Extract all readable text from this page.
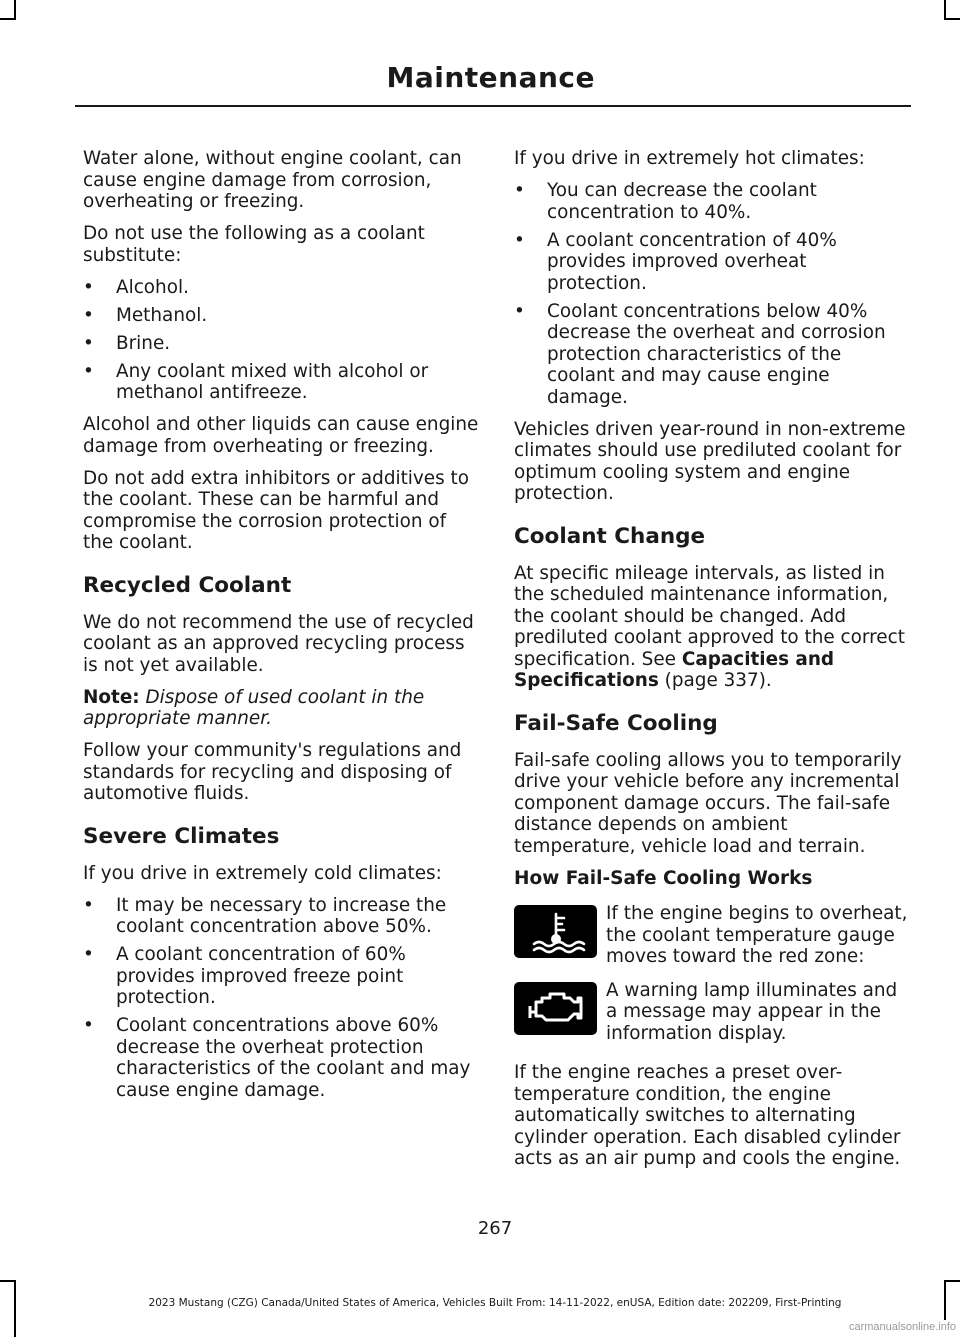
Maintenance

Water alone, without engine coolant, can cause engine damage from corrosion, overheating or freezing.

Do not use the following as a coolant substitute:

• Alcohol.
• Methanol.
• Brine.
• Any coolant mixed with alcohol or methanol antifreeze.

Alcohol and other liquids can cause engine damage from overheating or freezing.

Do not add extra inhibitors or additives to the coolant. These can be harmful and compromise the corrosion protection of the coolant.

Recycled Coolant

We do not recommend the use of recycled coolant as an approved recycling process is not yet available.

Note: Dispose of used coolant in the appropriate manner.

Follow your community's regulations and standards for recycling and disposing of automotive fluids.

Severe Climates

If you drive in extremely cold climates:

• It may be necessary to increase the coolant concentration above 50%.
• A coolant concentration of 60% provides improved freeze point protection.
• Coolant concentrations above 60% decrease the overheat protection characteristics of the coolant and may cause engine damage.

If you drive in extremely hot climates:

• You can decrease the coolant concentration to 40%.
• A coolant concentration of 40% provides improved overheat protection.
• Coolant concentrations below 40% decrease the overheat and corrosion protection characteristics of the coolant and may cause engine damage.

Vehicles driven year-round in non-extreme climates should use prediluted coolant for optimum cooling system and engine protection.

Coolant Change

At specific mileage intervals, as listed in the scheduled maintenance information, the coolant should be changed. Add prediluted coolant approved to the correct specification. See Capacities and Specifications (page 337).

Fail-Safe Cooling

Fail-safe cooling allows you to temporarily drive your vehicle before any incremental component damage occurs. The fail-safe distance depends on ambient temperature, vehicle load and terrain.

How Fail-Safe Cooling Works
If the engine begins to overheat, the coolant temperature gauge moves toward the red zone:
A warning lamp illuminates and a message may appear in the information display.

If the engine reaches a preset over-temperature condition, the engine automatically switches to alternating cylinder operation. Each disabled cylinder acts as an air pump and cools the engine.

267
2023 Mustang (CZG) Canada/United States of America, Vehicles Built From: 14-11-2022, enUSA, Edition date: 202209, First-Printing
carmanualsonline.info
